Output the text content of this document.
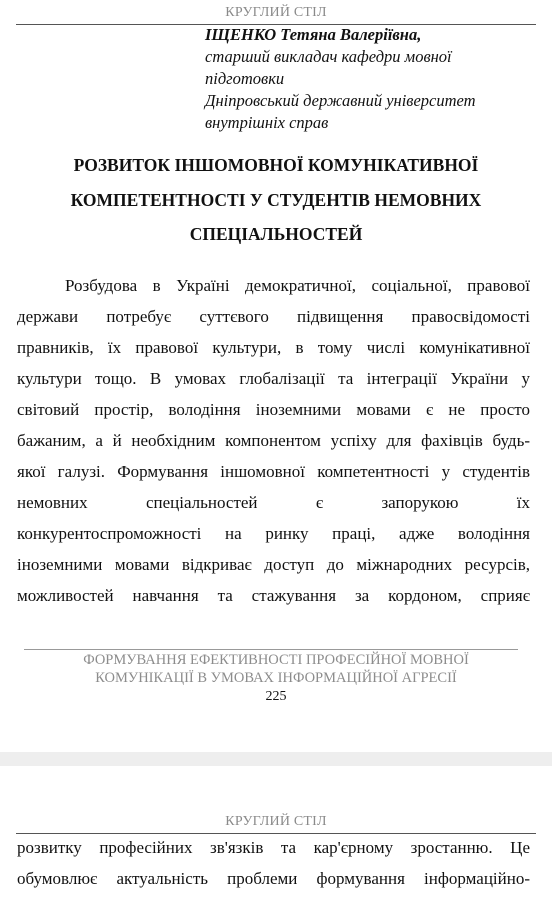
КРУГЛИЙ СТІЛ
ІЩЕНКО Тетяна Валеріївна,
старший викладач кафедри мовної
підготовки
Дніпровський державний університет
внутрішніх справ
РОЗВИТОК ІНШОМОВНОЇ КОМУНІКАТИВНОЇ
КОМПЕТЕНТНОСТІ У СТУДЕНТІВ НЕМОВНИХ
СПЕЦІАЛЬНОСТЕЙ
Розбудова в Україні демократичної, соціальної, правової
держави потребує суттєвого підвищення правосвідомості
правників, їх правової культури, в тому числі комунікативної
культури тощо. В умовах глобалізації та інтеграції України у
світовий простір, володіння іноземними мовами є не просто
бажаним, а й необхідним компонентом успіху для фахівців будь-
якої галузі. Формування іншомовної компетентності у студентів
немовних спеціальностей є запорукою їх
конкурентоспроможності на ринку праці, адже володіння
іноземними мовами відкриває доступ до міжнародних ресурсів,
можливостей навчання та стажування за кордоном, сприяє
ФОРМУВАННЯ ЕФЕКТИВНОСТІ ПРОФЕСІЙНОЇ МОВНОЇ
КОМУНІКАЦІЇ В УМОВАХ ІНФОРМАЦІЙНОЇ АГРЕСІЇ
225
КРУГЛИЙ СТІЛ
розвитку професійних зв'язків та кар'єрному зростанню. Це
обумовлює актуальність проблеми формування інформаційно-
